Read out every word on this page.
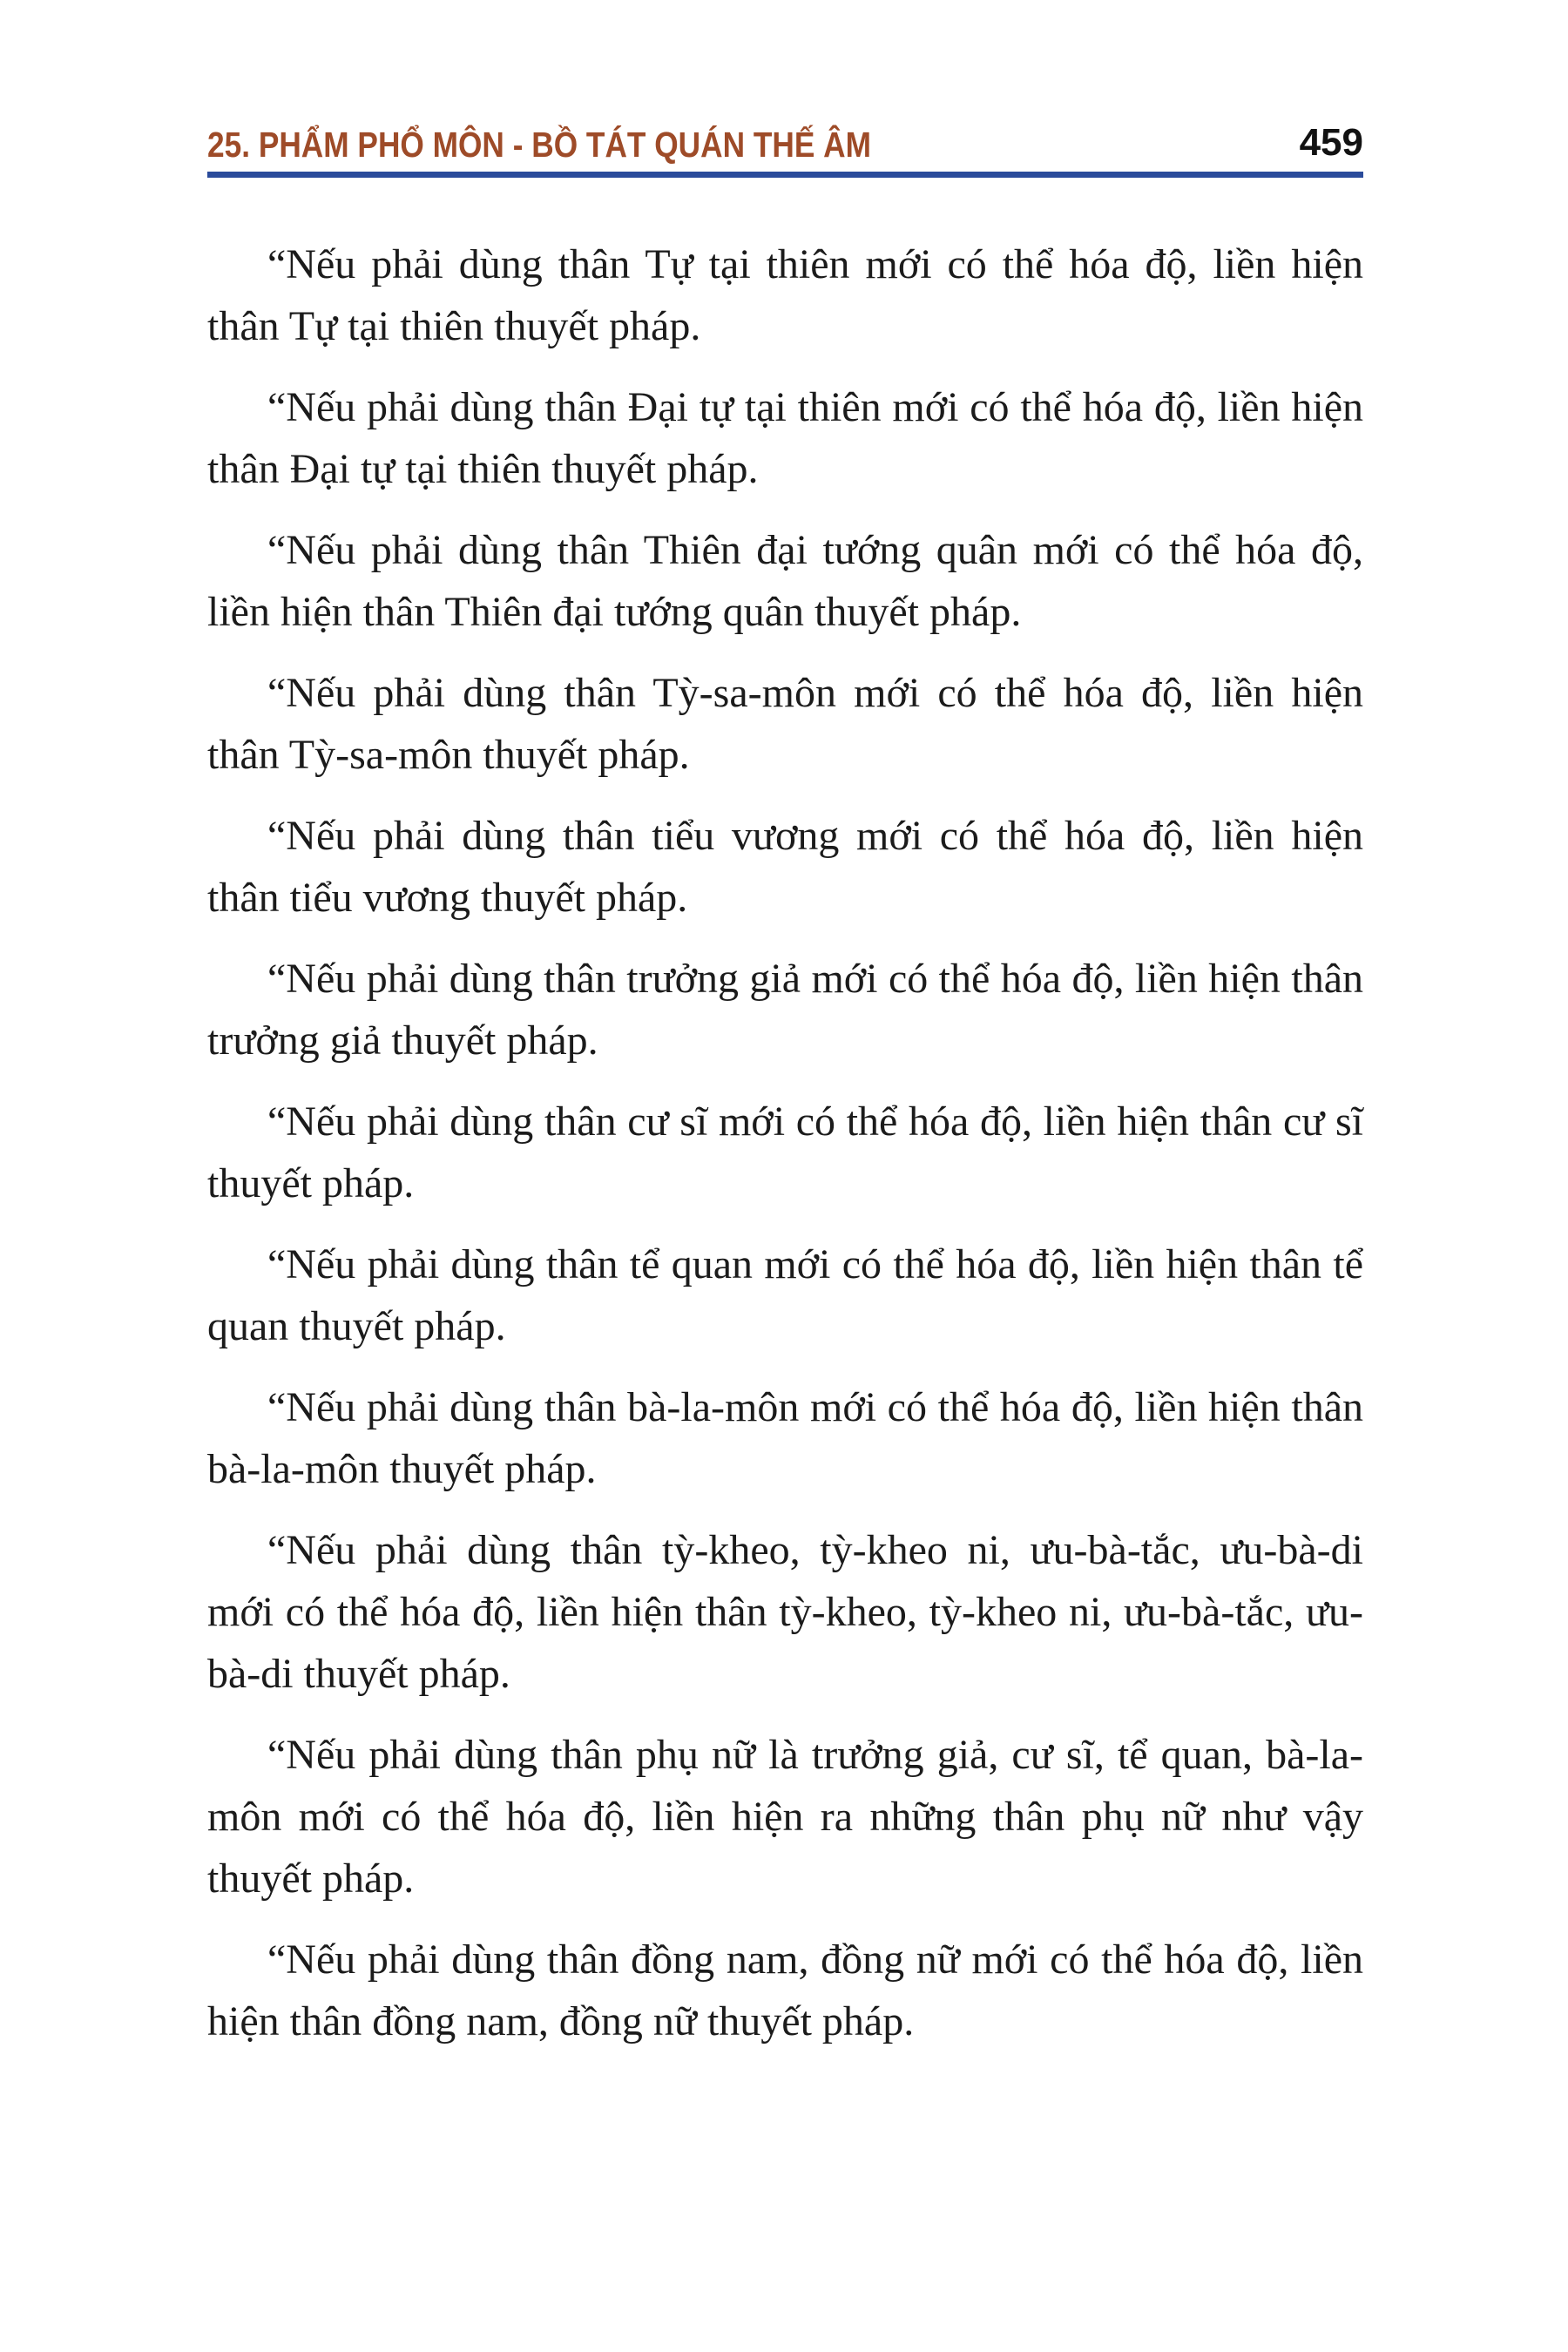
25. PHẨM PHỔ MÔN - BỒ TÁT QUÁN THẾ ÂM	459

“Nếu phải dùng thân Tự tại thiên mới có thể hóa độ, liền hiện thân Tự tại thiên thuyết pháp.

“Nếu phải dùng thân Đại tự tại thiên mới có thể hóa độ, liền hiện thân Đại tự tại thiên thuyết pháp.

“Nếu phải dùng thân Thiên đại tướng quân mới có thể hóa độ, liền hiện thân Thiên đại tướng quân thuyết pháp.

“Nếu phải dùng thân Tỳ-sa-môn mới có thể hóa độ, liền hiện thân Tỳ-sa-môn thuyết pháp.

“Nếu phải dùng thân tiểu vương mới có thể hóa độ, liền hiện thân tiểu vương thuyết pháp.

“Nếu phải dùng thân trưởng giả mới có thể hóa độ, liền hiện thân trưởng giả thuyết pháp.

“Nếu phải dùng thân cư sĩ mới có thể hóa độ, liền hiện thân cư sĩ thuyết pháp.

“Nếu phải dùng thân tể quan mới có thể hóa độ, liền hiện thân tể quan thuyết pháp.

“Nếu phải dùng thân bà-la-môn mới có thể hóa độ, liền hiện thân bà-la-môn thuyết pháp.

“Nếu phải dùng thân tỳ-kheo, tỳ-kheo ni, ưu-bà-tắc, ưu-bà-di mới có thể hóa độ, liền hiện thân tỳ-kheo, tỳ-kheo ni, ưu-bà-tắc, ưu-bà-di thuyết pháp.

“Nếu phải dùng thân phụ nữ là trưởng giả, cư sĩ, tể quan, bà-la-môn mới có thể hóa độ, liền hiện ra những thân phụ nữ như vậy thuyết pháp.

“Nếu phải dùng thân đồng nam, đồng nữ mới có thể hóa độ, liền hiện thân đồng nam, đồng nữ thuyết pháp.
